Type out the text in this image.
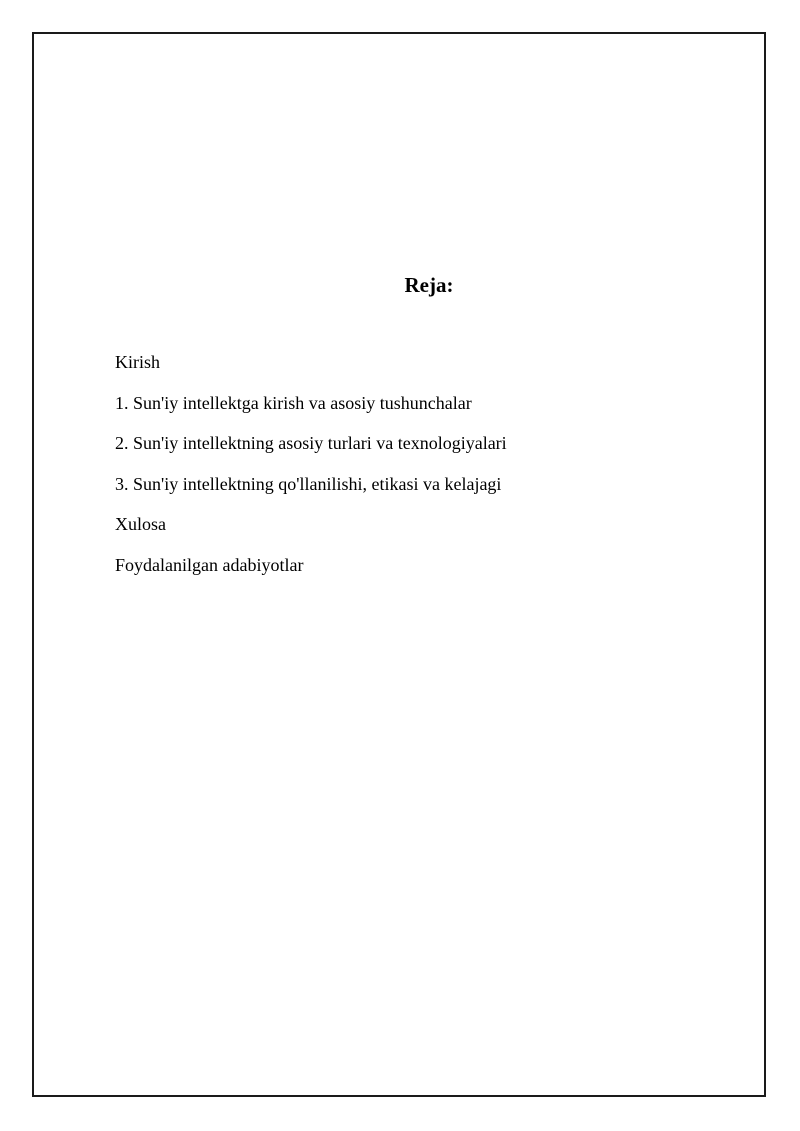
Reja:
Kirish
1. Sun'iy intellektga kirish va asosiy tushunchalar
2. Sun'iy intellektning asosiy turlari va texnologiyalari
3. Sun'iy intellektning qo'llanilishi, etikasi va kelajagi
Xulosa
Foydalanilgan adabiyotlar
